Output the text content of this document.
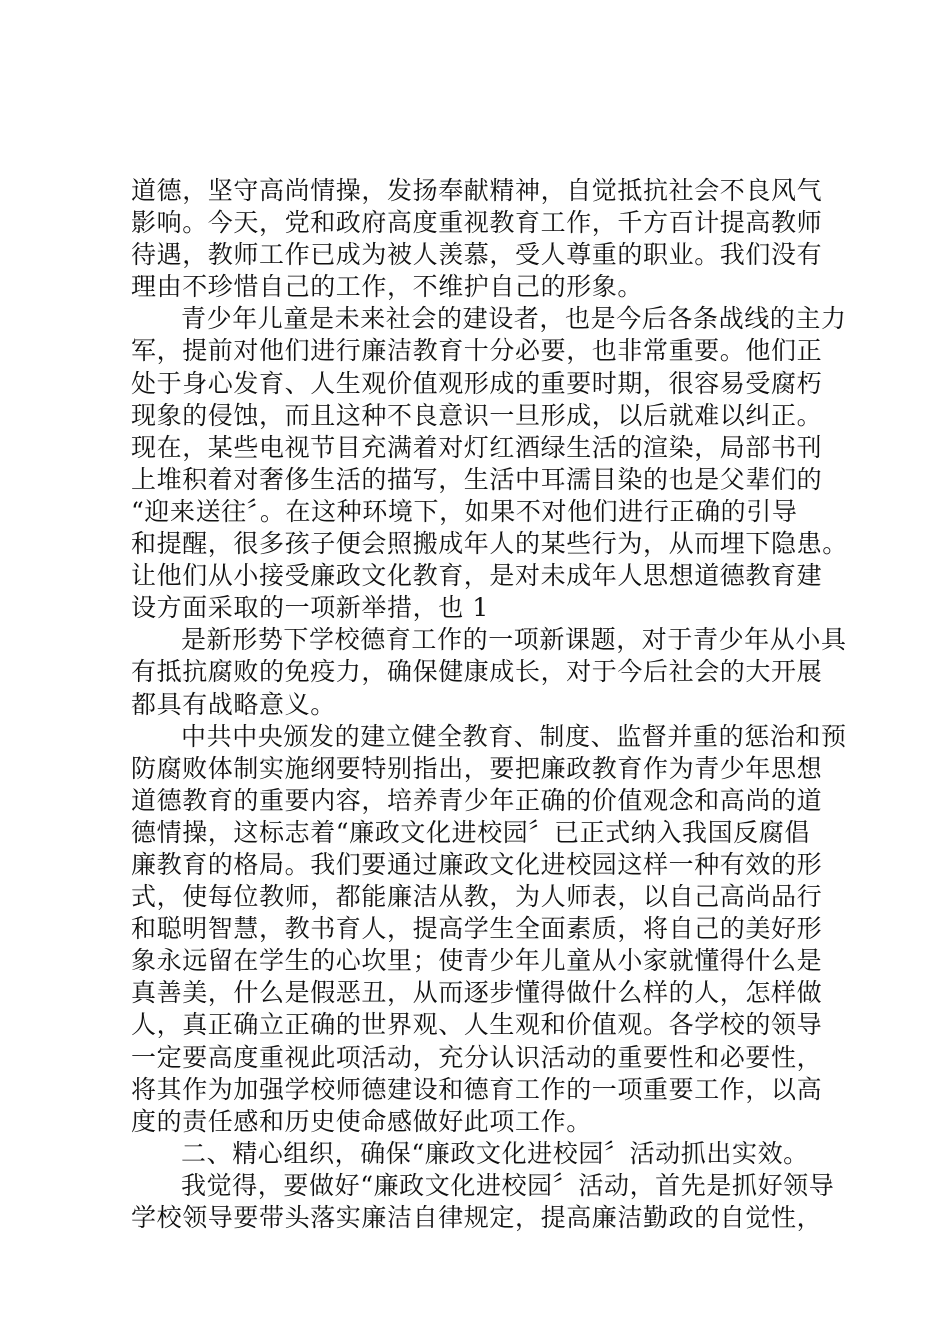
道德，坚守高尚情操，发扬奉献精神，自觉抵抗社会不良风气
影响。今天，党和政府高度重视教育工作，千方百计提高教师
待遇，教师工作已成为被人羡慕，受人尊重的职业。我们没有
理由不珍惜自己的工作，不维护自己的形象。
青少年儿童是未来社会的建设者，也是今后各条战线的主力
军，提前对他们进行廉洁教育十分必要，也非常重要。他们正
处于身心发育、人生观价值观形成的重要时期，很容易受腐朽
现象的侵蚀，而且这种不良意识一旦形成，以后就难以纠正。
现在，某些电视节目充满着对灯红酒绿生活的渲染，局部书刊
上堆积着对奢侈生活的描写，生活中耳濡目染的也是父辈们的
“迎来送往〞。在这种环境下，如果不对他们进行正确的引导
和提醒，很多孩子便会照搬成年人的某些行为，从而埋下隐患。
让他们从小接受廉政文化教育，是对未成年人思想道德教育建
设方面采取的一项新举措，也 1
是新形势下学校德育工作的一项新课题，对于青少年从小具
有抵抗腐败的免疫力，确保健康成长，对于今后社会的大开展
都具有战略意义。
中共中央颁发的建立健全教育、制度、监督并重的惩治和预
防腐败体制实施纲要特别指出，要把廉政教育作为青少年思想
道德教育的重要内容，培养青少年正确的价值观念和高尚的道
德情操，这标志着“廉政文化进校园〞已正式纳入我国反腐倡
廉教育的格局。我们要通过廉政文化进校园这样一种有效的形
式，使每位教师，都能廉洁从教，为人师表，以自己高尚品行
和聪明智慧，教书育人，提高学生全面素质，将自己的美好形
象永远留在学生的心坎里；使青少年儿童从小家就懂得什么是
真善美，什么是假恶丑，从而逐步懂得做什么样的人，怎样做
人，真正确立正确的世界观、人生观和价值观。各学校的领导
一定要高度重视此项活动，充分认识活动的重要性和必要性，
将其作为加强学校师德建设和德育工作的一项重要工作，以高
度的责任感和历史使命感做好此项工作。
二、精心组织，确保“廉政文化进校园〞活动抓出实效。
我觉得，要做好“廉政文化进校园〞活动，首先是抓好领导
学校领导要带头落实廉洁自律规定，提高廉洁勤政的自觉性，
